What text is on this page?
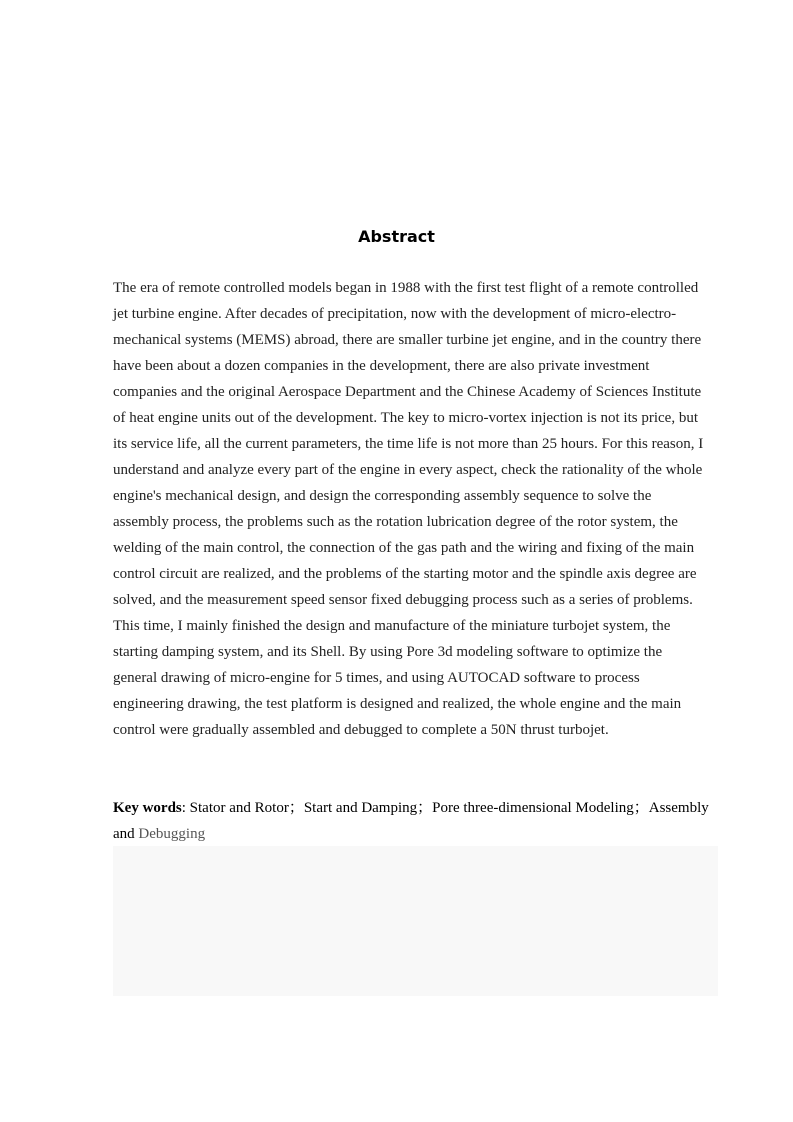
Abstract

The era of remote controlled models began in 1988 with the first test flight of a remote controlled jet turbine engine. After decades of precipitation, now with the development of micro-electro-mechanical systems (MEMS) abroad, there are smaller turbine jet engine, and in the country there have been about a dozen companies in the development, there are also private investment companies and the original Aerospace Department and the Chinese Academy of Sciences Institute of heat engine units out of the development. The key to micro-vortex injection is not its price, but its service life, all the current parameters, the time life is not more than 25 hours. For this reason, I understand and analyze every part of the engine in every aspect, check the rationality of the whole engine's mechanical design, and design the corresponding assembly sequence to solve the assembly process, the problems such as the rotation lubrication degree of the rotor system, the welding of the main control, the connection of the gas path and the wiring and fixing of the main control circuit are realized, and the problems of the starting motor and the spindle axis degree are solved, and the measurement speed sensor fixed debugging process such as a series of problems. This time, I mainly finished the design and manufacture of the miniature turbojet system, the starting damping system, and its Shell. By using Pore 3d modeling software to optimize the general drawing of micro-engine for 5 times, and using AUTOCAD software to process engineering drawing, the test platform is designed and realized, the whole engine and the main control were gradually assembled and debugged to complete a 50N thrust turbojet.

Key words: Stator and Rotor；Start and Damping；Pore three-dimensional Modeling；Assembly and Debugging
